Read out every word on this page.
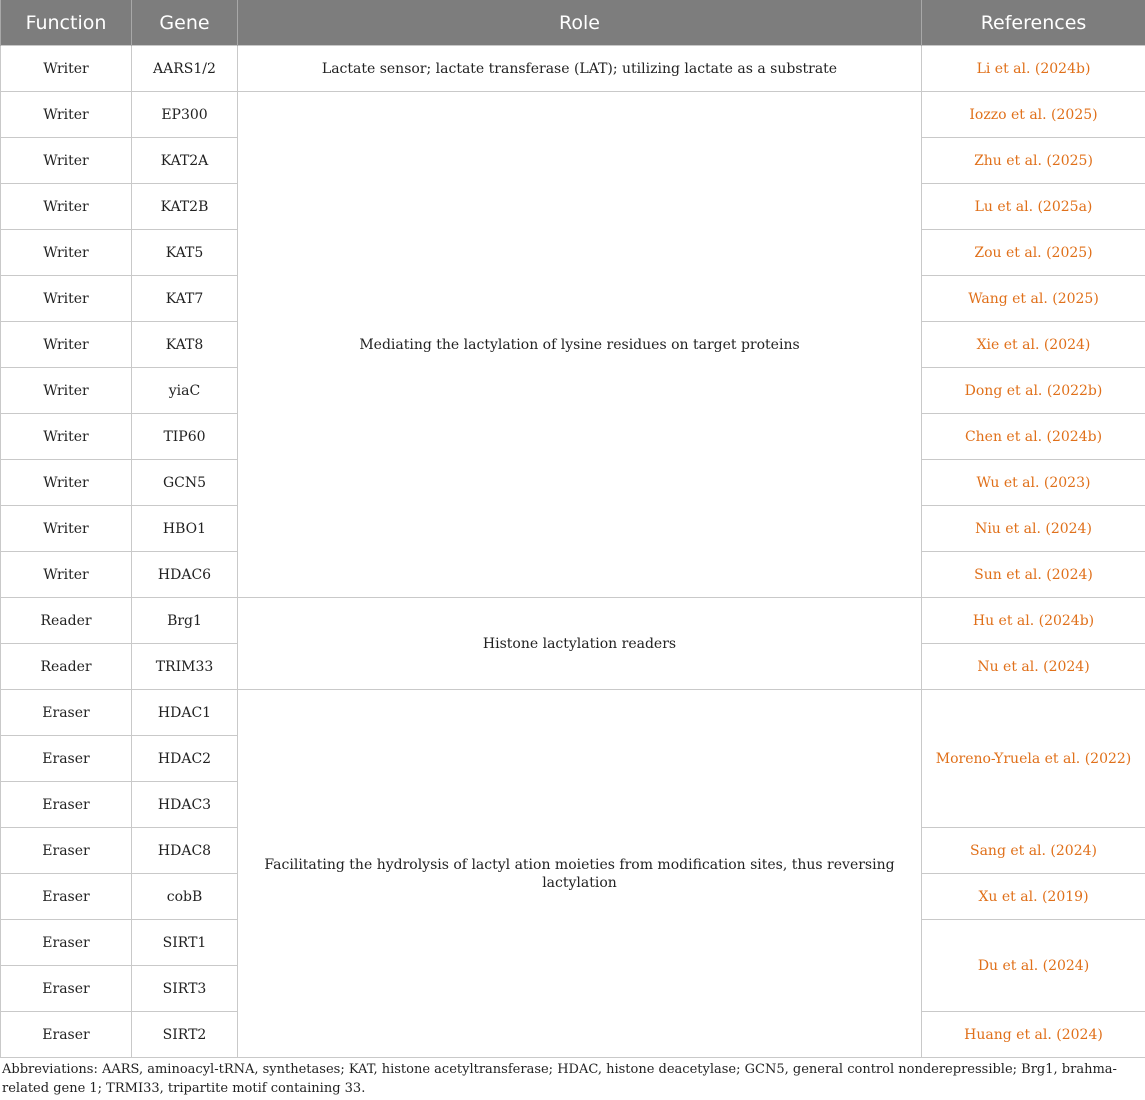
Function	Gene	Role	References
Writer	AARS1/2	Lactate sensor; lactate transferase (LAT); utilizing lactate as a substrate	Li et al. (2024b)
Writer	EP300	Mediating the lactylation of lysine residues on target proteins	Iozzo et al. (2025)
Writer	KAT2A		Zhu et al. (2025)
Writer	KAT2B		Lu et al. (2025a)
Writer	KAT5		Zou et al. (2025)
Writer	KAT7		Wang et al. (2025)
Writer	KAT8		Xie et al. (2024)
Writer	yiaC		Dong et al. (2022b)
Writer	TIP60		Chen et al. (2024b)
Writer	GCN5		Wu et al. (2023)
Writer	HBO1		Niu et al. (2024)
Writer	HDAC6		Sun et al. (2024)
Reader	Brg1	Histone lactylation readers	Hu et al. (2024b)
Reader	TRIM33		Nu et al. (2024)
Eraser	HDAC1	Facilitating the hydrolysis of lactyl ation moieties from modification sites, thus reversing lactylation	Moreno-Yruela et al. (2022)
Eraser	HDAC2		
Eraser	HDAC3		
Eraser	HDAC8		Sang et al. (2024)
Eraser	cobB		Xu et al. (2019)
Eraser	SIRT1		Du et al. (2024)
Eraser	SIRT3		
Eraser	SIRT2		Huang et al. (2024)
Abbreviations: AARS, aminoacyl-tRNA, synthetases; KAT, histone acetyltransferase; HDAC, histone deacetylase; GCN5, general control nonderepressible; Brg1, brahma-related gene 1; TRMI33, tripartite motif containing 33.
